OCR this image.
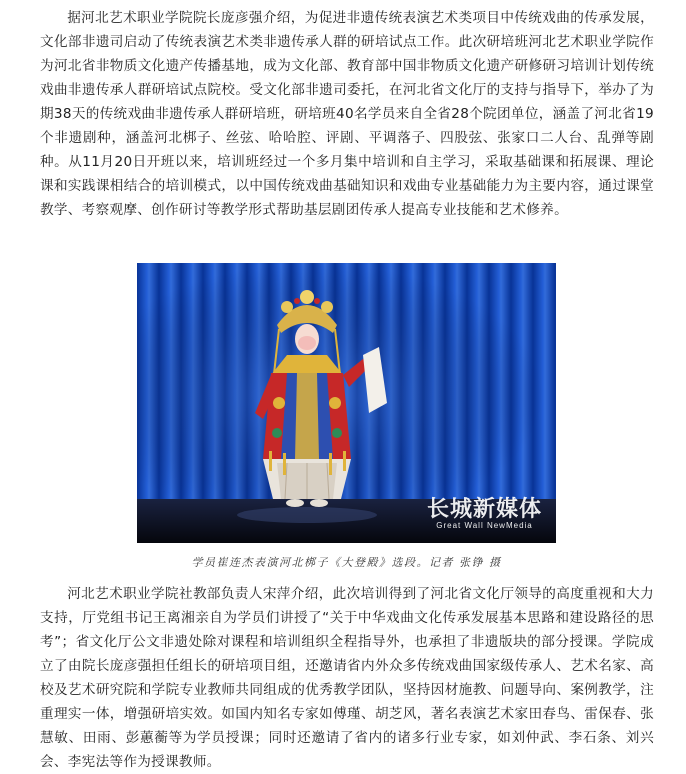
据河北艺术职业学院院长庞彦强介绍，为促进非遗传统表演艺术类项目中传统戏曲的传承发展，文化部非遗司启动了传统表演艺术类非遗传承人群的研培试点工作。此次研培班河北艺术职业学院作为河北省非物质文化遗产传播基地，成为文化部、教育部中国非物质文化遗产研修研习培训计划传统戏曲非遗传承人群研培试点院校。受文化部非遗司委托，在河北省文化厅的支持与指导下，举办了为期38天的传统戏曲非遗传承人群研培班，研培班40名学员来自全省28个院团单位，涵盖了河北省19个非遗剧种，涵盖河北梆子、丝弦、哈哈腔、评剧、平调落子、四股弦、张家口二人台、乱弹等剧种。从11月20日开班以来，培训班经过一个多月集中培训和自主学习，采取基础课和拓展课、理论课和实践课相结合的培训模式，以中国传统戏曲基础知识和戏曲专业基础能力为主要内容，通过课堂教学、考察观摩、创作研讨等教学形式帮助基层剧团传承人提高专业技能和艺术修养。

长城新媒体
Great Wall NewMedia
学员崔连杰表演河北梆子《大登殿》选段。记者 张铮 摄

河北艺术职业学院社教部负责人宋萍介绍，此次培训得到了河北省文化厅领导的高度重视和大力支持，厅党组书记王离湘亲自为学员们讲授了“关于中华戏曲文化传承发展基本思路和建设路径的思考”；省文化厅公文非遗处除对课程和培训组织全程指导外，也承担了非遗版块的部分授课。学院成立了由院长庞彦强担任组长的研培项目组，还邀请省内外众多传统戏曲国家级传承人、艺术名家、高校及艺术研究院和学院专业教师共同组成的优秀教学团队，坚持因材施教、问题导向、案例教学，注重理实一体，增强研培实效。如国内知名专家如傅瑾、胡芝风，著名表演艺术家田春鸟、雷保春、张慧敏、田雨、彭蕙蘅等为学员授课；同时还邀请了省内的诸多行业专家，如刘仲武、李石条、刘兴会、李宪法等作为授课教师。
